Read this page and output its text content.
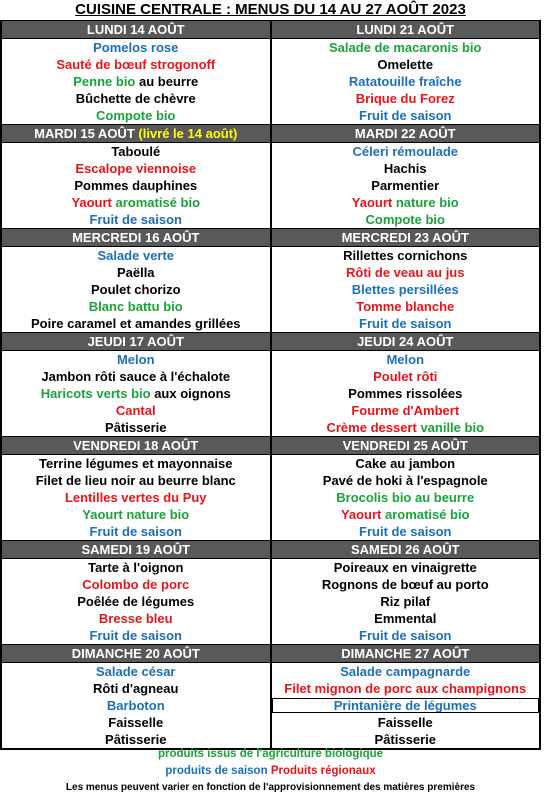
CUISINE CENTRALE : MENUS DU 14 AU 27 AOÛT 2023
LUNDI 14 AOÛT	LUNDI 21 AOÛT
Pomelos rose	Salade de macaronis bio
Sauté de bœuf strogonoff	Omelette
Penne bio au beurre	Ratatouille fraîche
Bûchette de chèvre	Brique du Forez
Compote bio	Fruit de saison
MARDI 15 AOÛT (livré le 14 août)	MARDI 22 AOÛT
Taboulé	Céleri rémoulade
Escalope viennoise	Hachis
Pommes dauphines	Parmentier
Yaourt aromatisé bio	Yaourt nature bio
Fruit de saison	Compote bio
MERCREDI 16 AOÛT	MERCREDI 23 AOÛT
Salade verte	Rillettes cornichons
Paëlla	Rôti de veau au jus
Poulet chorizo	Blettes persillées
Blanc battu bio	Tomme blanche
Poire caramel et amandes grillées	Fruit de saison
JEUDI 17 AOÛT	JEUDI 24 AOÛT
Melon	Melon
Jambon rôti sauce à l'échalote	Poulet rôti
Haricots verts bio aux oignons	Pommes rissolées
Cantal	Fourme d'Ambert
Pâtisserie	Crème dessert vanille bio
VENDREDI 18 AOÛT	VENDREDI 25 AOÛT
Terrine légumes et mayonnaise	Cake au jambon
Filet de lieu noir au beurre blanc	Pavé de hoki à l'espagnole
Lentilles vertes du Puy	Brocolis bio au beurre
Yaourt nature bio	Yaourt aromatisé bio
Fruit de saison	Fruit de saison
SAMEDI 19 AOÛT	SAMEDI 26 AOÛT
Tarte à l'oignon	Poireaux en vinaigrette
Colombo de porc	Rognons de bœuf au porto
Poêlée de légumes	Riz pilaf
Bresse bleu	Emmental
Fruit de saison	Fruit de saison
DIMANCHE 20 AOÛT	DIMANCHE 27 AOÛT
Salade césar	Salade campagnarde
Rôti d'agneau	Filet mignon de porc aux champignons
Barboton	Printanière de légumes
Faisselle	Faisselle
Pâtisserie	Pâtisserie
produits issus de l'agriculture biologique
produits de saison Produits régionaux
Les menus peuvent varier en fonction de l'approvisionnement des matières premières
